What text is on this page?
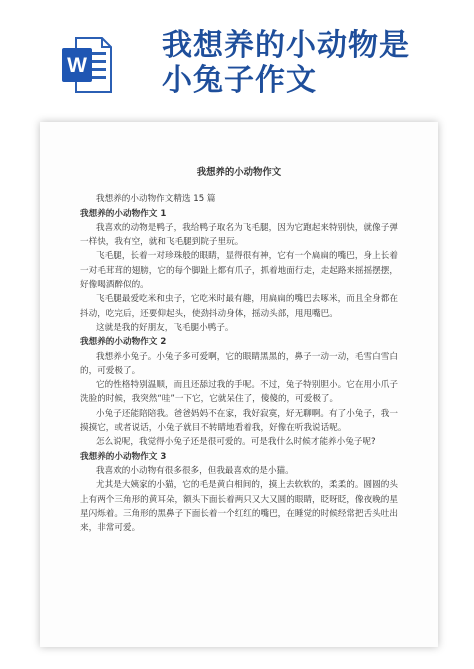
W
我想养的小动物是
小兔子作文
我想养的小动物作文
我想养的小动物作文精选 15 篇
我想养的小动物作文 1
我喜欢的动物是鸭子，我给鸭子取名为飞毛腿，因为它跑起来特别快，就像子弹一样快，我有空，就和飞毛腿到院子里玩。
飞毛腿，长着一对珍珠般的眼睛，显得很有神，它有一个扁扁的嘴巴，身上长着一对毛茸茸的翅膀，它的每个脚趾上都有爪子，抓着地面行走，走起路来摇摇摆摆，好像喝酒醉似的。
飞毛腿最爱吃米和虫子，它吃米时最有趣，用扁扁的嘴巴去啄米，而且全身都在抖动，吃完后，还要仰起头，使劲抖动身体，摇动头部，甩甩嘴巴。
这就是我的好朋友，飞毛腿小鸭子。
我想养的小动物作文 2
我想养小兔子。小兔子多可爱啊，它的眼睛黑黑的，鼻子一动一动，毛雪白雪白的，可爱极了。
它的性格特别温顺，而且还舔过我的手呢。不过，兔子特别胆小。它在用小爪子洗脸的时候，我突然“哇”一下它，它就呆住了，傻傻的，可爱极了。
小兔子还能陪陪我。爸爸妈妈不在家，我好寂寞，好无聊啊。有了小兔子，我一摸摸它，或者说话，小兔子就目不转睛地看着我，好像在听我说话呢。
怎么说呢，我觉得小兔子还是很可爱的。可是我什么时候才能养小兔子呢?
我想养的小动物作文 3
我喜欢的小动物有很多很多，但我最喜欢的是小猫。
尤其是大姨家的小猫，它的毛是黄白相间的，摸上去软软的，柔柔的。圆圆的头上有两个三角形的黄耳朵，额头下面长着两只又大又圆的眼睛，眨呀眨，像夜晚的星星闪烁着。三角形的黑鼻子下面长着一个红红的嘴巴，在睡觉的时候经常把舌头吐出来，非常可爱。
